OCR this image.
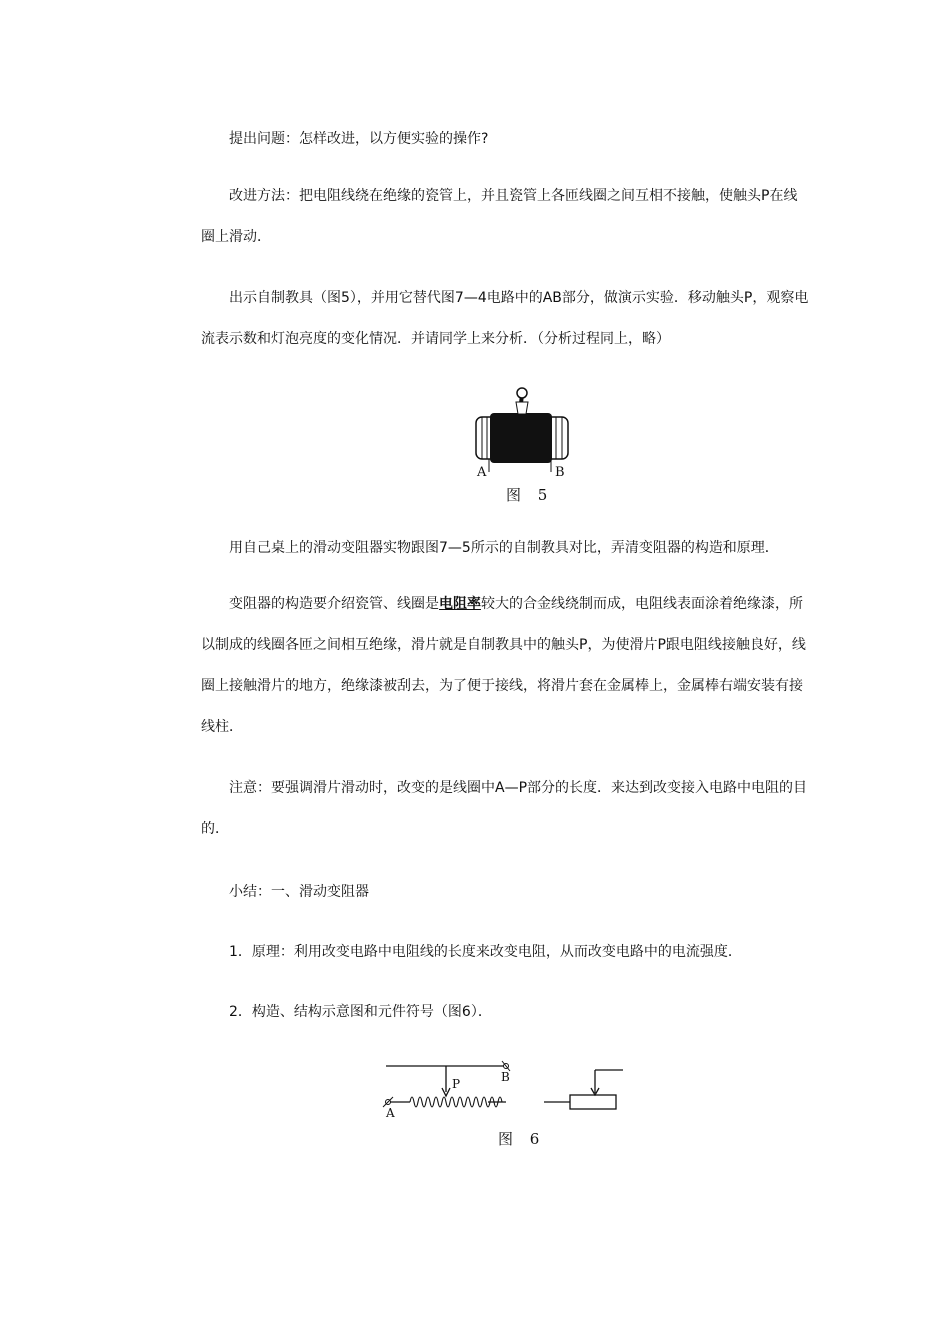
提出问题：怎样改进，以方便实验的操作?

改进方法：把电阻线绕在绝缘的瓷管上，并且瓷管上各匝线圈之间互相不接触，使触头P在线圈上滑动．

出示自制教具（图5），并用它替代图7—4电路中的AB部分，做演示实验．移动触头P，观察电流表示数和灯泡亮度的变化情况．并请同学上来分析．（分析过程同上，略）

A	B
图 5

用自己桌上的滑动变阻器实物跟图7—5所示的自制教具对比，弄清变阻器的构造和原理．

变阻器的构造要介绍瓷管、线圈是电阻率较大的合金线绕制而成，电阻线表面涂着绝缘漆，所以制成的线圈各匝之间相互绝缘，滑片就是自制教具中的触头P，为使滑片P跟电阻线接触良好，线圈上接触滑片的地方，绝缘漆被刮去，为了便于接线，将滑片套在金属棒上，金属棒右端安装有接线柱．

注意：要强调滑片滑动时，改变的是线圈中A—P部分的长度．来达到改变接入电路中电阻的目的．

小结：一、滑动变阻器

1．原理：利用改变电路中电阻线的长度来改变电阻，从而改变电路中的电流强度．

2．构造、结构示意图和元件符号（图6）．

B
P
A
图 6
